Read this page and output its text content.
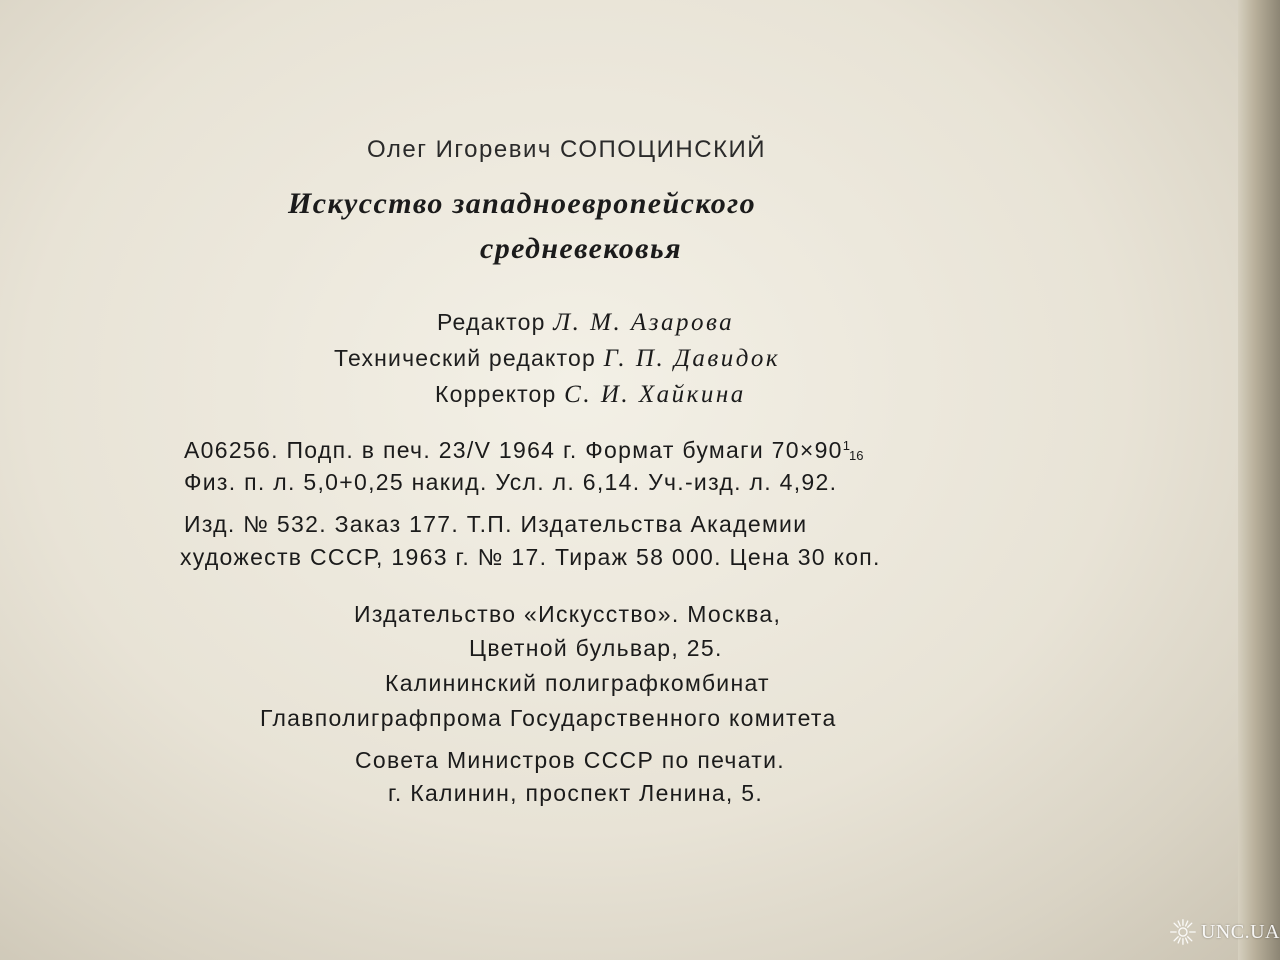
Олег Игоревич СОПОЦИНСКИЙ
Искусство западноевропейского
средневековья
Редактор Л. М. Азарова
Технический редактор Г. П. Давидок
Корректор С. И. Хайкина
А06256. Подп. в печ. 23/V 1964 г. Формат бумаги $70\times 90^116$
Физ. п. л. 5,0+0,25 накид. Усл. л. 6,14. Уч.-изд. л. 4,92.
Изд. № 532. Заказ 177. Т.П. Издательства Академии
художеств СССР, 1963 г. № 17. Тираж 58 000. Цена 30 коп.
Издательство «Искусство». Москва,
Цветной бульвар, 25.
Калининский полиграфкомбинат
Главполиграфпрома Государственного комитета
Совета Министров СССР по печати.
г. Калинин, проспект Ленина, 5.
UNC.UA
